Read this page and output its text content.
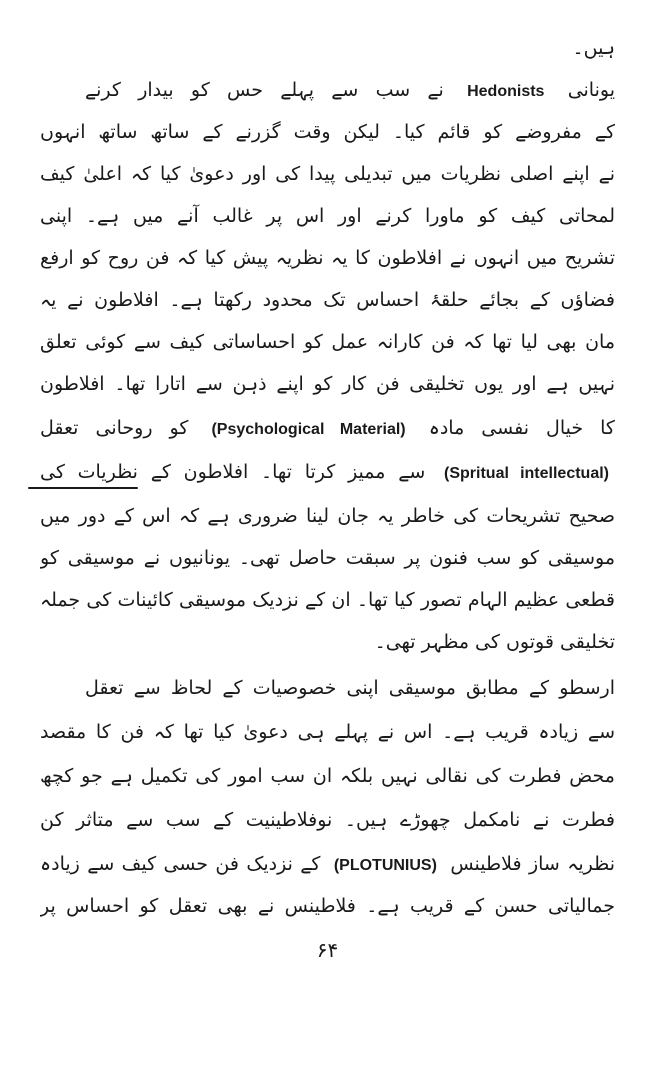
ہیں۔
یونانی Hedonists نے سب سے پہلے حس کو بیدار کرنے
کے مفروضے کو قائم کیا۔ لیکن وقت گزرنے کے ساتھ ساتھ انہوں
نے اپنے اصلی نظریات میں تبدیلی پیدا کی اور دعویٰ کیا کہ اعلیٰ کیف
لمحاتی کیف کو ماورا کرنے اور اس پر غالب آنے میں ہے۔ اپنی
تشریح میں انہوں نے افلاطون کا یہ نظریہ پیش کیا کہ فن روح کو ارفع
فضاؤں کے بجائے حلقۂ احساس تک محدود رکھتا ہے۔ افلاطون نے یہ
مان بھی لیا تھا کہ فن کارانہ عمل کو احساساتی کیف سے کوئی تعلق
نہیں ہے اور یوں تخلیقی فن کار کو اپنے ذہن سے اتارا تھا۔ افلاطون
کا خیال نفسی مادہ (Psychological Material) کو روحانی تعقل
(Spritual intellectual) سے ممیز کرتا تھا۔ افلاطون کے نظریات کی
صحیح تشریحات کی خاطر یہ جان لینا ضروری ہے کہ اس کے دور میں
موسیقی کو سب فنون پر سبقت حاصل تھی۔ یونانیوں نے موسیقی کو
قطعی عظیم الہام تصور کیا تھا۔ ان کے نزدیک موسیقی کائینات کی جملہ
تخلیقی قوتوں کی مظہر تھی۔
ارسطو کے مطابق موسیقی اپنی خصوصیات کے لحاظ سے تعقل
سے زیادہ قریب ہے۔ اس نے پہلے ہی دعویٰ کیا تھا کہ فن کا مقصد
محض فطرت کی نقالی نہیں بلکہ ان سب امور کی تکمیل ہے جو کچھ
فطرت نے نامکمل چھوڑے ہیں۔ نوفلاطینیت کے سب سے متاثر کن
نظریہ ساز فلاطینس (PLOTUNIUS) کے نزدیک فن حسی کیف سے زیادہ
جمالیاتی حسن کے قریب ہے۔ فلاطینس نے بھی تعقل کو احساس پر
۶۴
